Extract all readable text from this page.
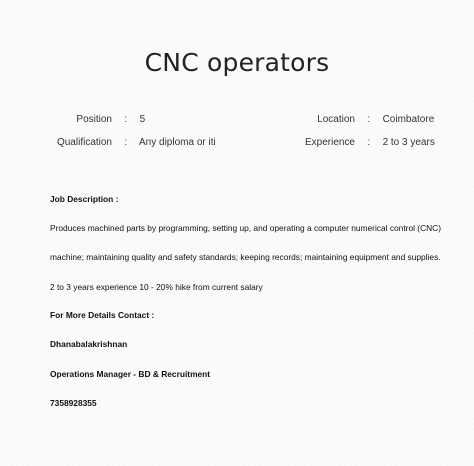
CNC operators
Position : 5	Location : Coimbatore
Qualification : Any diploma or iti	Experience : 2 to 3 years
Job Description :
Produces machined parts by programming, setting up, and operating a computer numerical control (CNC)
machine; maintaining quality and safety standards; keeping records; maintaining equipment and supplies.
2 to 3 years experience 10 - 20% hike from current salary
For More Details Contact :
Dhanabalakrishnan
Operations Manager - BD & Recruitment
7358928355
